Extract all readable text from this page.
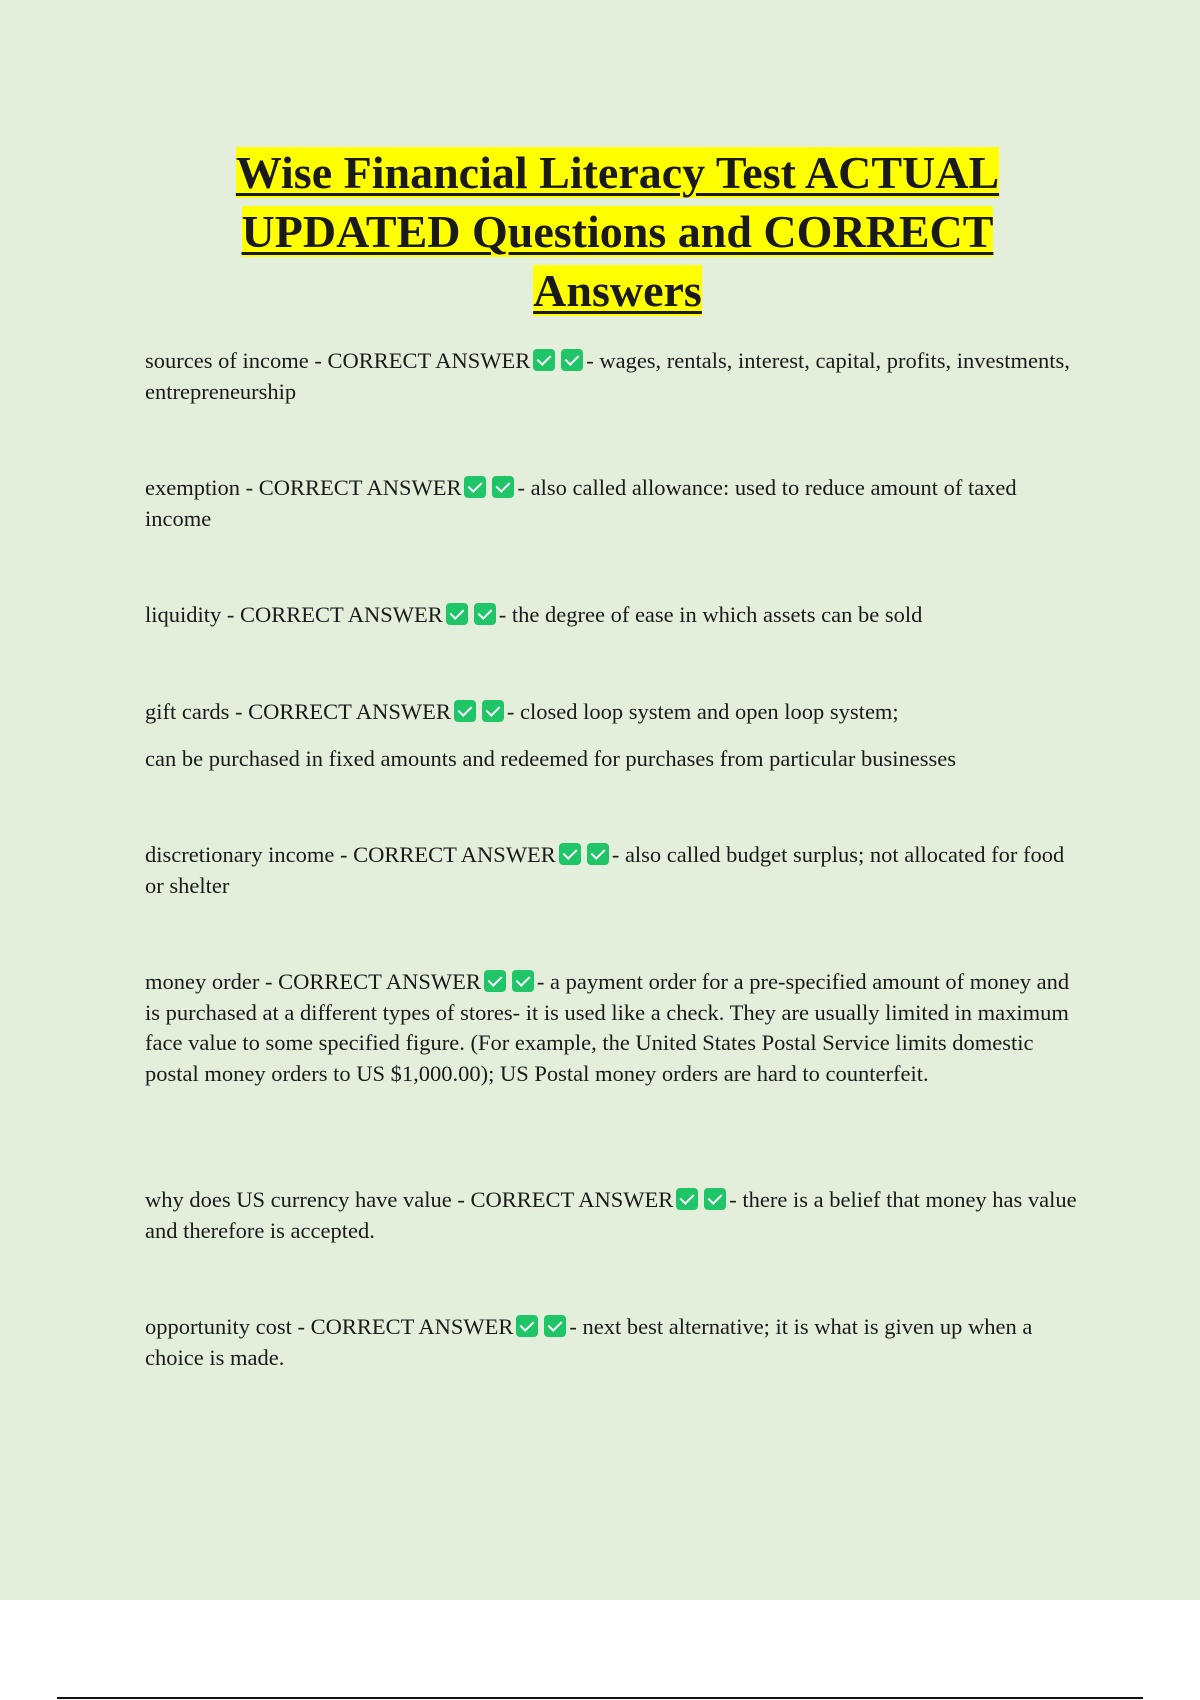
Wise Financial Literacy Test ACTUAL
UPDATED Questions and CORRECT
Answers

sources of income - CORRECT ANSWER - wages, rentals, interest, capital, profits, investments, entrepreneurship

exemption - CORRECT ANSWER - also called allowance: used to reduce amount of taxed income

liquidity - CORRECT ANSWER - the degree of ease in which assets can be sold

gift cards - CORRECT ANSWER - closed loop system and open loop system;
can be purchased in fixed amounts and redeemed for purchases from particular businesses

discretionary income - CORRECT ANSWER - also called budget surplus; not allocated for food or shelter

money order - CORRECT ANSWER - a payment order for a pre-specified amount of money and is purchased at a different types of stores- it is used like a check. They are usually limited in maximum face value to some specified figure. (For example, the United States Postal Service limits domestic postal money orders to US $1,000.00); US Postal money orders are hard to counterfeit.

why does US currency have value - CORRECT ANSWER - there is a belief that money has value and therefore is accepted.

opportunity cost - CORRECT ANSWER - next best alternative; it is what is given up when a choice is made.
